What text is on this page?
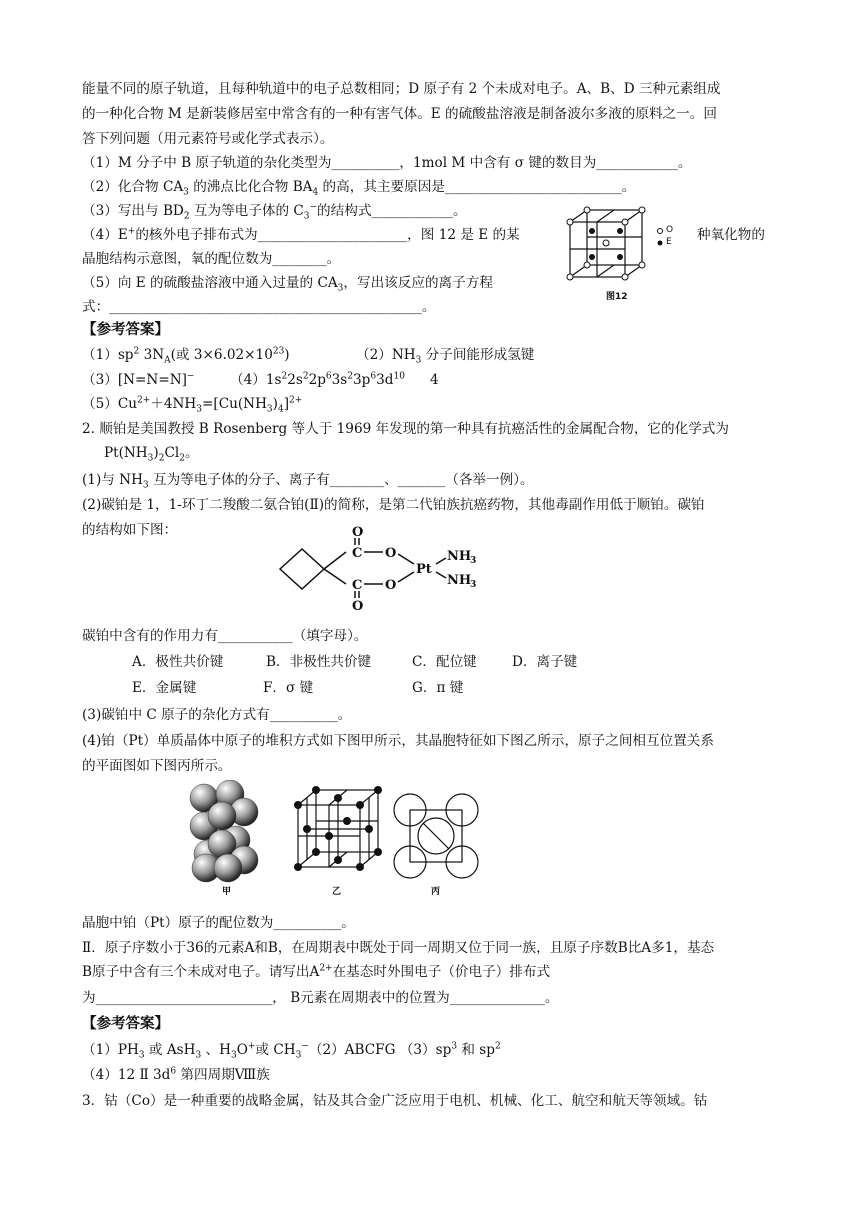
能量不同的原子轨道，且每种轨道中的电子总数相同；D 原子有 2 个未成对电子。A、B、D 三种元素组成
的一种化合物 M 是新装修居室中常含有的一种有害气体。E 的硫酸盐溶液是制备波尔多液的原料之一。回
答下列问题（用元素符号或化学式表示）。
（1）M 分子中 B 原子轨道的杂化类型为__________，1mol M 中含有 σ 键的数目为____________。
（2）化合物 $CA_3$ 的沸点比化合物 $BA_4$ 的高，其主要原因是__________________________。
（3）写出与 $BD_2$ 互为等电子体的 $C_3^-$的结构式____________。
（4）E+的核外电子排布式为______________________，图 12 是 E 的某	种氧化物的
晶胞结构示意图，氧的配位数为________。
（5）向 E 的硫酸盐溶液中通入过量的 $CA_3$，写出该反应的离子方程
式：______________________________________________。
O
E
图12
【参考答案】
$(1)sp^2$ $3N_A$(或 $3\times 6.02\times 10^{23}$)	$(2)NH_3$ 分子间能形成氢键
（3）[N=N=N]−	$(4)1s^22s^22p^63s^23p^63d^{10}$ 4
$(5)Cu^{2+}+4NH_3=[Cu(NH_3)_4]^{2+}$
2. 顺铂是美国教授 B Rosenberg 等人于 1969 年发现的第一种具有抗癌活性的金属配合物，它的化学式为
$Pt(NH_3)_2Cl_2$。
(1)与 $NH_3$ 互为等电子体的分子、离子有________、_______（各举一例）。
(2)碳铂是 1，1-环丁二羧酸二氨合铂(Ⅱ)的简称，是第二代铂族抗癌药物，其他毒副作用低于顺铂。碳铂
的结构如下图：	O
C O
C O
O
Pt
NH
3
NH
3
碳铂中含有的作用力有___________（填字母）。
A．极性共价键	B．非极性共价键	C．配位键	D．离子键
E．金属键	F．σ 键	G．π 键
(3)碳铂中 C 原子的杂化方式有__________。
(4)铂（Pt）单质晶体中原子的堆积方式如下图甲所示，其晶胞特征如下图乙所示，原子之间相互位置关系
的平面图如下图丙所示。
甲	乙	丙
晶胞中铂（Pt）原子的配位数为__________。
Ⅱ．原子序数小于36的元素A和B，在周期表中既处于同一周期又位于同一族，且原子序数B比A多1，基态
B原子中含有三个未成对电子。请写出$A^{2+}$在基态时外围电子（价电子）排布式
为__________________________， B元素在周期表中的位置为______________。
【参考答案】
$(1)PH_3$ 或 AsH$_3$ 、$H_3O^+$或 $CH_3^-(2)ABCFG$ $(3)sp^3$ 和 $sp^2$
（4）12 Ⅱ $3d^6$ 第四周期Ⅷ族
3．钴（Co）是一种重要的战略金属，钴及其合金广泛应用于电机、机械、化工、航空和航天等领域。钴
